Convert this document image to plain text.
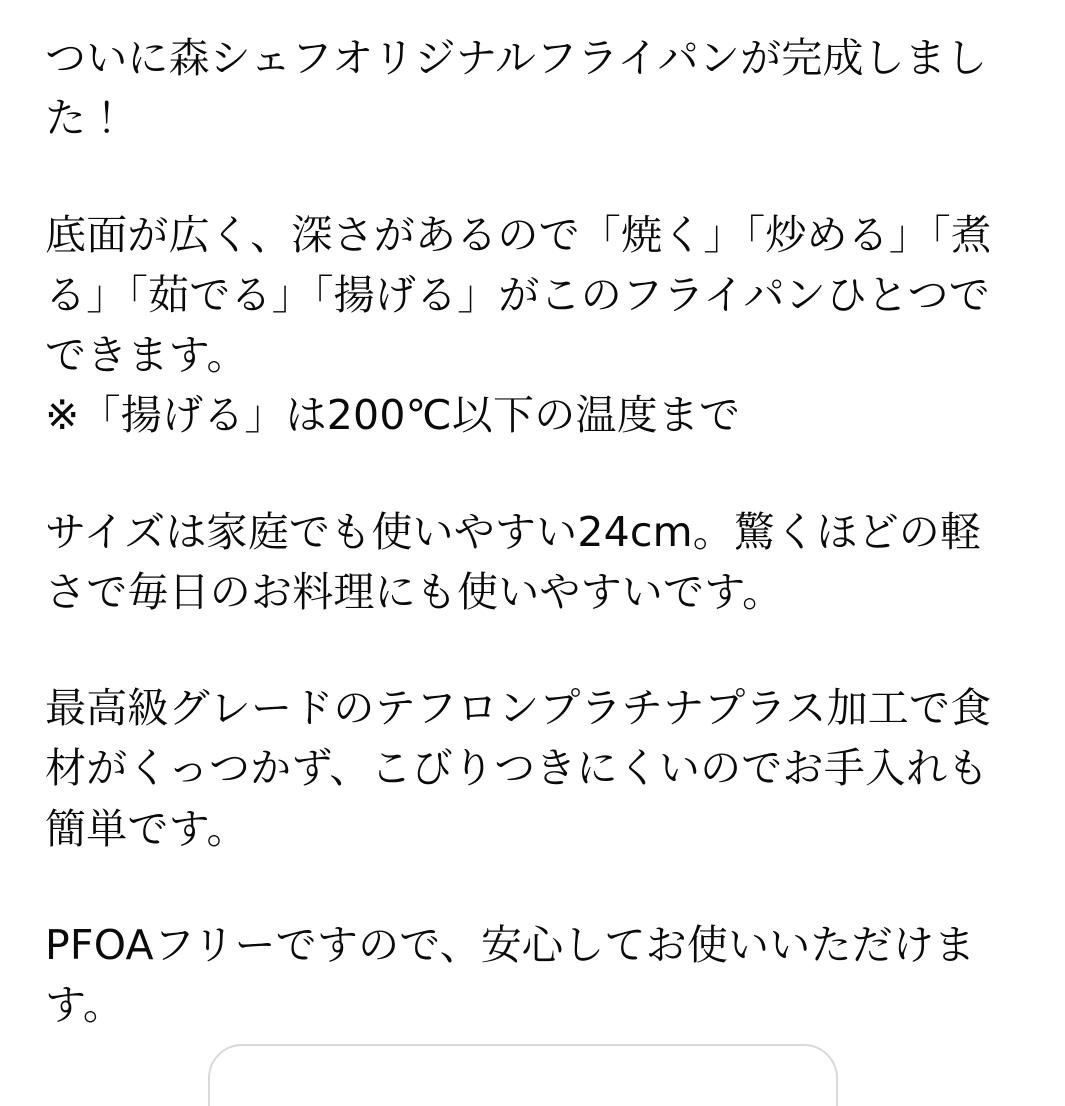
ついに森シェフオリジナルフライパンが完成しました！

底面が広く、深さがあるので「焼く」「炒める」「煮る」「茹でる」「揚げる」がこのフライパンひとつでできます。

※「揚げる」は200℃以下の温度まで

サイズは家庭でも使いやすい24cm。驚くほどの軽さで毎日のお料理にも使いやすいです。

最高級グレードのテフロンプラチナプラス加工で食材がくっつかず、こびりつきにくいのでお手入れも簡単です。

PFOAフリーですので、安心してお使いいただけます。
